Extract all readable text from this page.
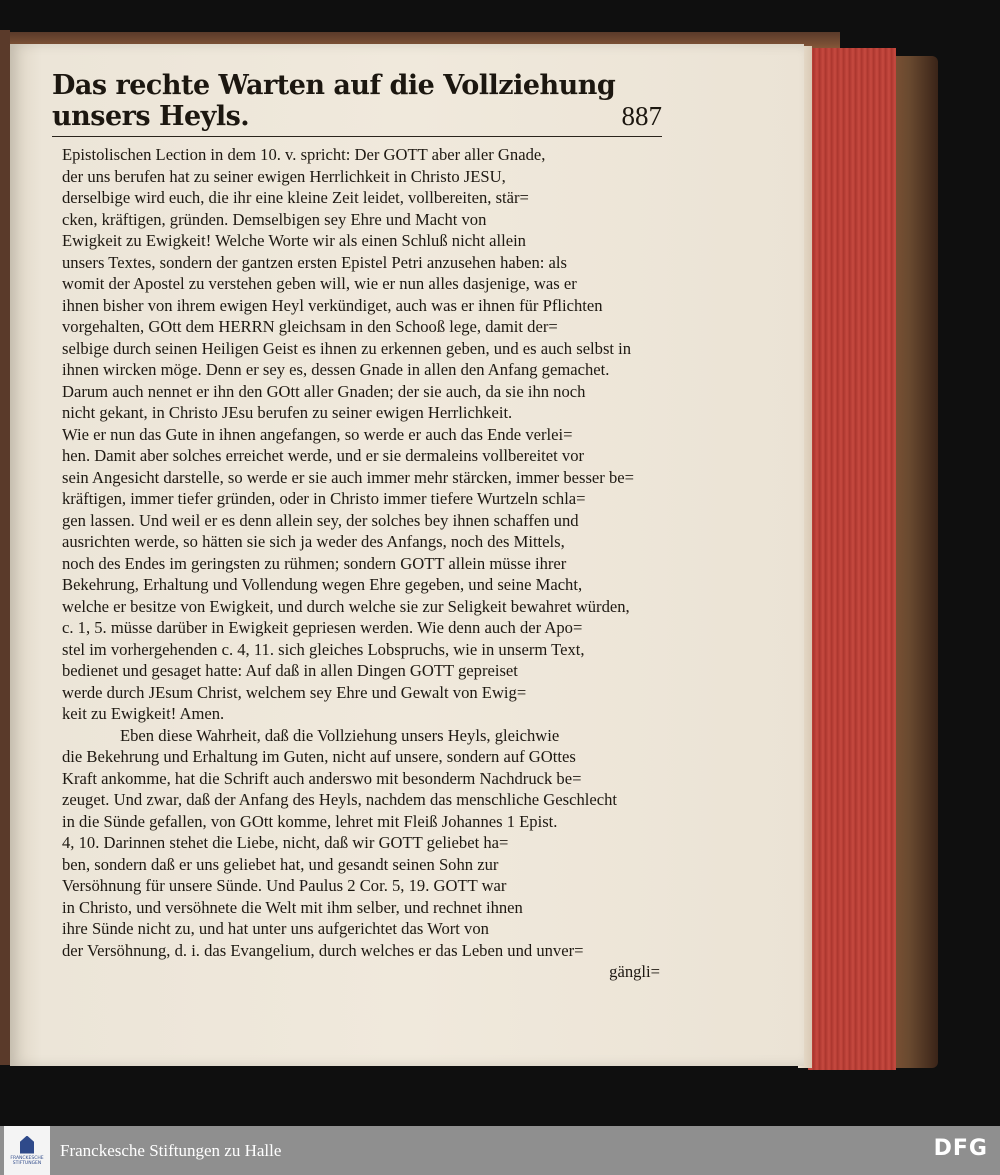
Das rechte Warten auf die Vollziehung unsers Heyls.	887
Epistolischen Lection in dem 10. v. spricht: Der GOTT aber aller Gnade,
der uns berufen hat zu seiner ewigen Herrlichkeit in Christo JESU,
derselbige wird euch, die ihr eine kleine Zeit leidet, vollbereiten, stär=
cken, kräftigen, gründen. Demselbigen sey Ehre und Macht von
Ewigkeit zu Ewigkeit! Welche Worte wir als einen Schluß nicht allein
unsers Textes, sondern der gantzen ersten Epistel Petri anzusehen haben: als
womit der Apostel zu verstehen geben will, wie er nun alles dasjenige, was er
ihnen bisher von ihrem ewigen Heyl verkündiget, auch was er ihnen für Pflichten
vorgehalten, GOtt dem HERRN gleichsam in den Schooß lege, damit der=
selbige durch seinen Heiligen Geist es ihnen zu erkennen geben, und es auch selbst in
ihnen wircken möge. Denn er sey es, dessen Gnade in allen den Anfang gemachet.
Darum auch nennet er ihn den GOtt aller Gnaden; der sie auch, da sie ihn noch
nicht gekant, in Christo JEsu berufen zu seiner ewigen Herrlichkeit.
Wie er nun das Gute in ihnen angefangen, so werde er auch das Ende verlei=
hen. Damit aber solches erreichet werde, und er sie dermaleins vollbereitet vor
sein Angesicht darstelle, so werde er sie auch immer mehr stärcken, immer besser be=
kräftigen, immer tiefer gründen, oder in Christo immer tiefere Wurtzeln schla=
gen lassen. Und weil er es denn allein sey, der solches bey ihnen schaffen und
ausrichten werde, so hätten sie sich ja weder des Anfangs, noch des Mittels,
noch des Endes im geringsten zu rühmen; sondern GOTT allein müsse ihrer
Bekehrung, Erhaltung und Vollendung wegen Ehre gegeben, und seine Macht,
welche er besitze von Ewigkeit, und durch welche sie zur Seligkeit bewahret würden,
c. 1, 5. müsse darüber in Ewigkeit gepriesen werden. Wie denn auch der Apo=
stel im vorhergehenden c. 4, 11. sich gleiches Lobspruchs, wie in unserm Text,
bedienet und gesaget hatte: Auf daß in allen Dingen GOTT gepreiset
werde durch JEsum Christ, welchem sey Ehre und Gewalt von Ewig=
keit zu Ewigkeit! Amen.
Eben diese Wahrheit, daß die Vollziehung unsers Heyls, gleichwie
die Bekehrung und Erhaltung im Guten, nicht auf unsere, sondern auf GOttes
Kraft ankomme, hat die Schrift auch anderswo mit besonderm Nachdruck be=
zeuget. Und zwar, daß der Anfang des Heyls, nachdem das menschliche Geschlecht
in die Sünde gefallen, von GOtt komme, lehret mit Fleiß Johannes 1 Epist.
4, 10. Darinnen stehet die Liebe, nicht, daß wir GOTT geliebet ha=
ben, sondern daß er uns geliebet hat, und gesandt seinen Sohn zur
Versöhnung für unsere Sünde. Und Paulus 2 Cor. 5, 19. GOTT war
in Christo, und versöhnete die Welt mit ihm selber, und rechnet ihnen
ihre Sünde nicht zu, und hat unter uns aufgerichtet das Wort von
der Versöhnung, d. i. das Evangelium, durch welches er das Leben und unver=
gängli=
FRANCKESCHE
STIFTUNGEN
Franckesche Stiftungen zu Halle	DFG
